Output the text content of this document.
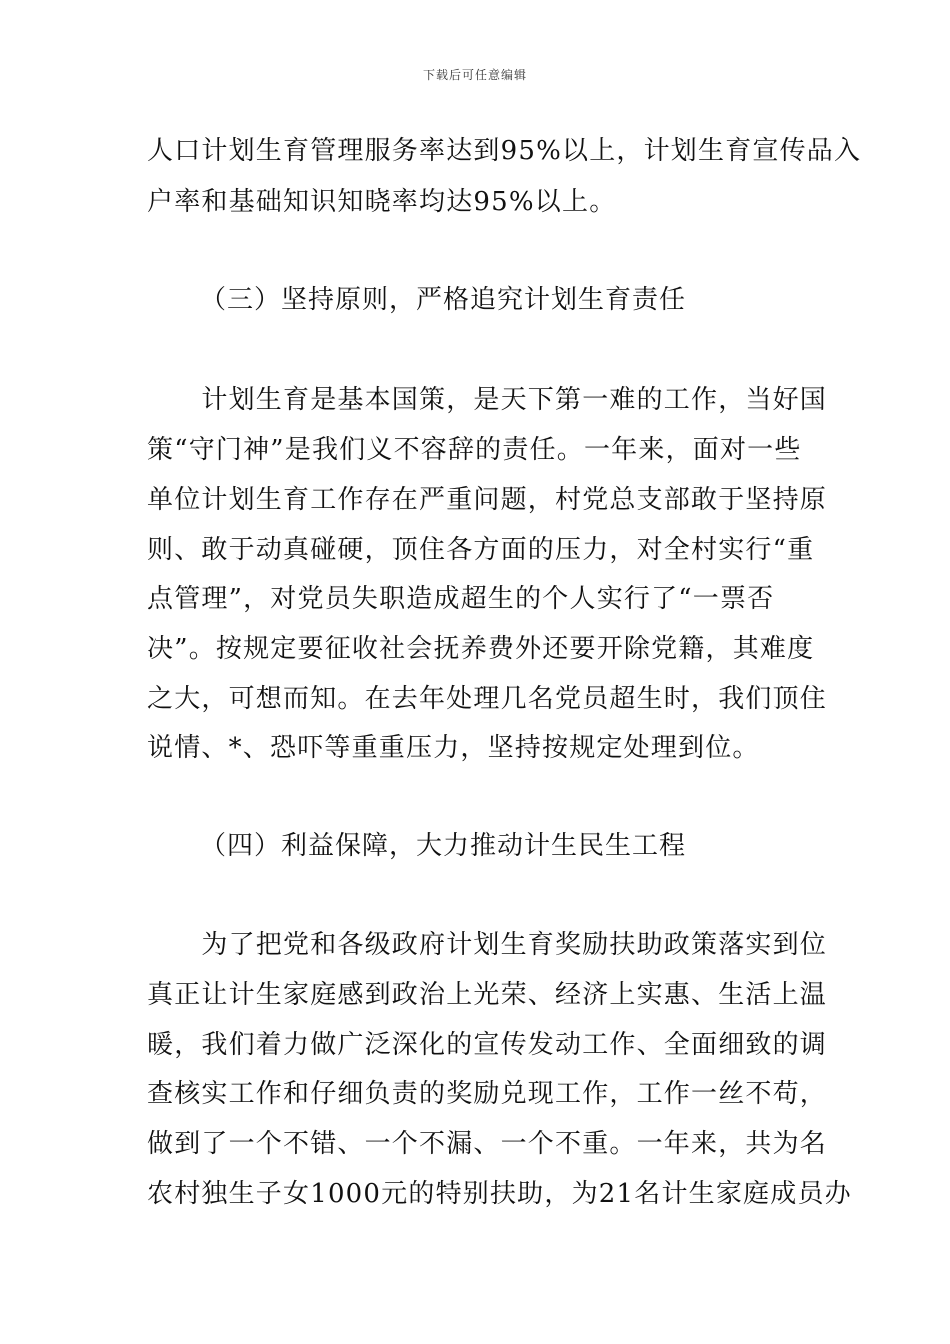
下载后可任意编辑
人口计划生育管理服务率达到95%以上，计划生育宣传品入
户率和基础知识知晓率均达95%以上。
（三）坚持原则，严格追究计划生育责任
　　计划生育是基本国策，是天下第一难的工作，当好国
策“守门神”是我们义不容辞的责任。一年来，面对一些
单位计划生育工作存在严重问题，村党总支部敢于坚持原
则、敢于动真碰硬，顶住各方面的压力，对全村实行“重
点管理”，对党员失职造成超生的个人实行了“一票否
决”。按规定要征收社会抚养费外还要开除党籍，其难度
之大，可想而知。在去年处理几名党员超生时，我们顶住
说情、*、恐吓等重重压力，坚持按规定处理到位。
（四）利益保障，大力推动计生民生工程
　　为了把党和各级政府计划生育奖励扶助政策落实到位
真正让计生家庭感到政治上光荣、经济上实惠、生活上温
暖，我们着力做广泛深化的宣传发动工作、全面细致的调
查核实工作和仔细负责的奖励兑现工作，工作一丝不苟，
做到了一个不错、一个不漏、一个不重。一年来，共为名
农村独生子女1000元的特别扶助，为21名计生家庭成员办
